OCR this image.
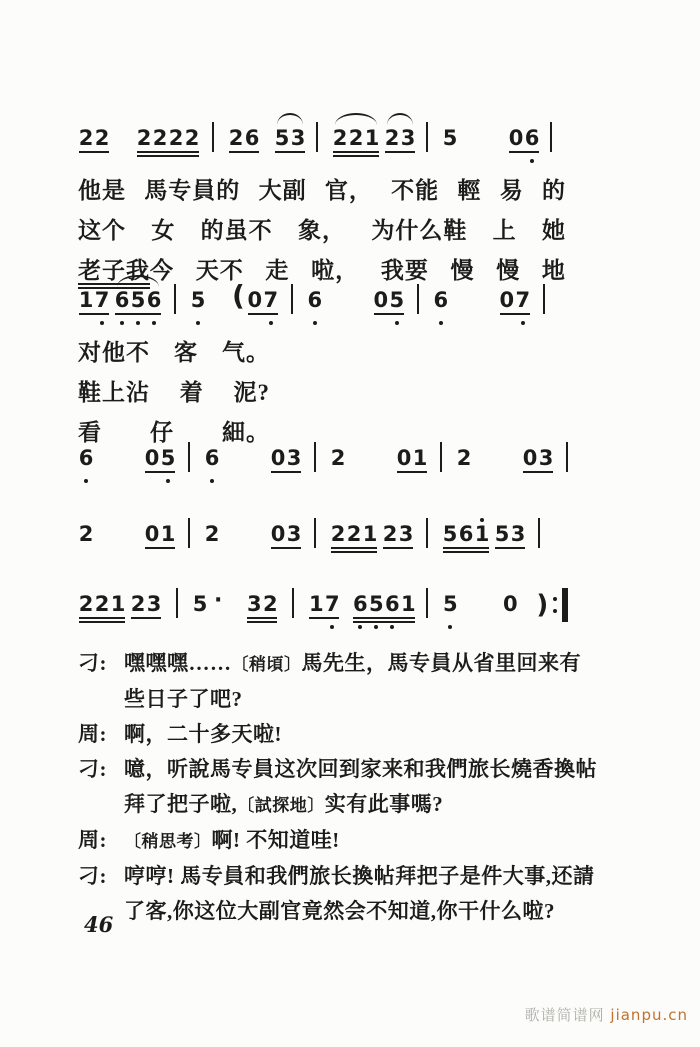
2 2 2 2 2 2 2 6 5 3 2 2 1 2 3 5 0 6
他是 馬专員的 大副 官， 不能 輕 易 的
这个 女 的虽不 象， 为什么鞋 上 她
老子我今 天不 走 啦， 我要 慢 慢 地
1 7 6 5 6 5 ( 0 7 6 0 5 6 0 7
对他不 客 气。
鞋上沾 着 泥?
看 仔 細。
6 0 5 6 0 3 2 0 1 2 0 3
2 0 1 2 0 3 2 2 1 2 3 5 6 1 5 3
2 2 1 2 3 5 · 3 2 1 7 6 5 6 1 5 0 )
刁: 嘿嘿嘿……〔稍頃〕馬先生，馬专員从省里回来有些日子了吧?
周: 啊，二十多天啦!
刁: 噫，听說馬专員这次回到家来和我們旅长燒香換帖拜了把子啦,〔試探地〕实有此事嗎?
周:	〔稍思考〕啊! 不知道哇!
刁: 哼哼! 馬专員和我們旅长換帖拜把子是件大事,还請了客,你这位大副官竟然会不知道,你干什么啦?
46
歌谱简谱网 jianpu.cn
